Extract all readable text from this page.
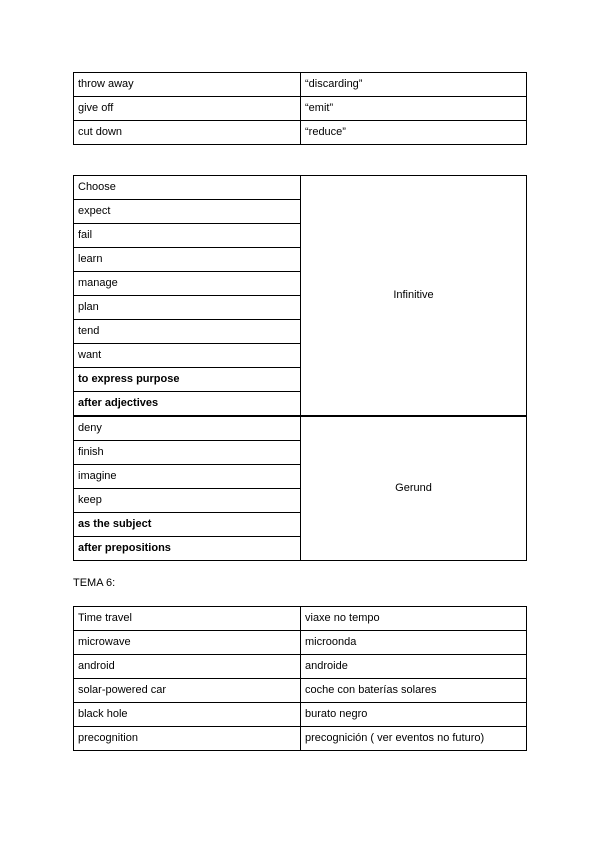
throw away	“discarding”
give off	“emit”
cut down	“reduce”
Choose	Infinitive
expect	
fail	
learn	
manage	
plan	
tend	
want	
to express purpose	
after adjectives	
deny	Gerund
finish	
imagine	
keep	
as the subject	
after prepositions	
TEMA 6:
Time travel	viaxe no tempo
microwave	microonda
android	androide
solar-powered car	coche con baterías solares
black hole	burato negro
precognition	precognición ( ver eventos no futuro)
